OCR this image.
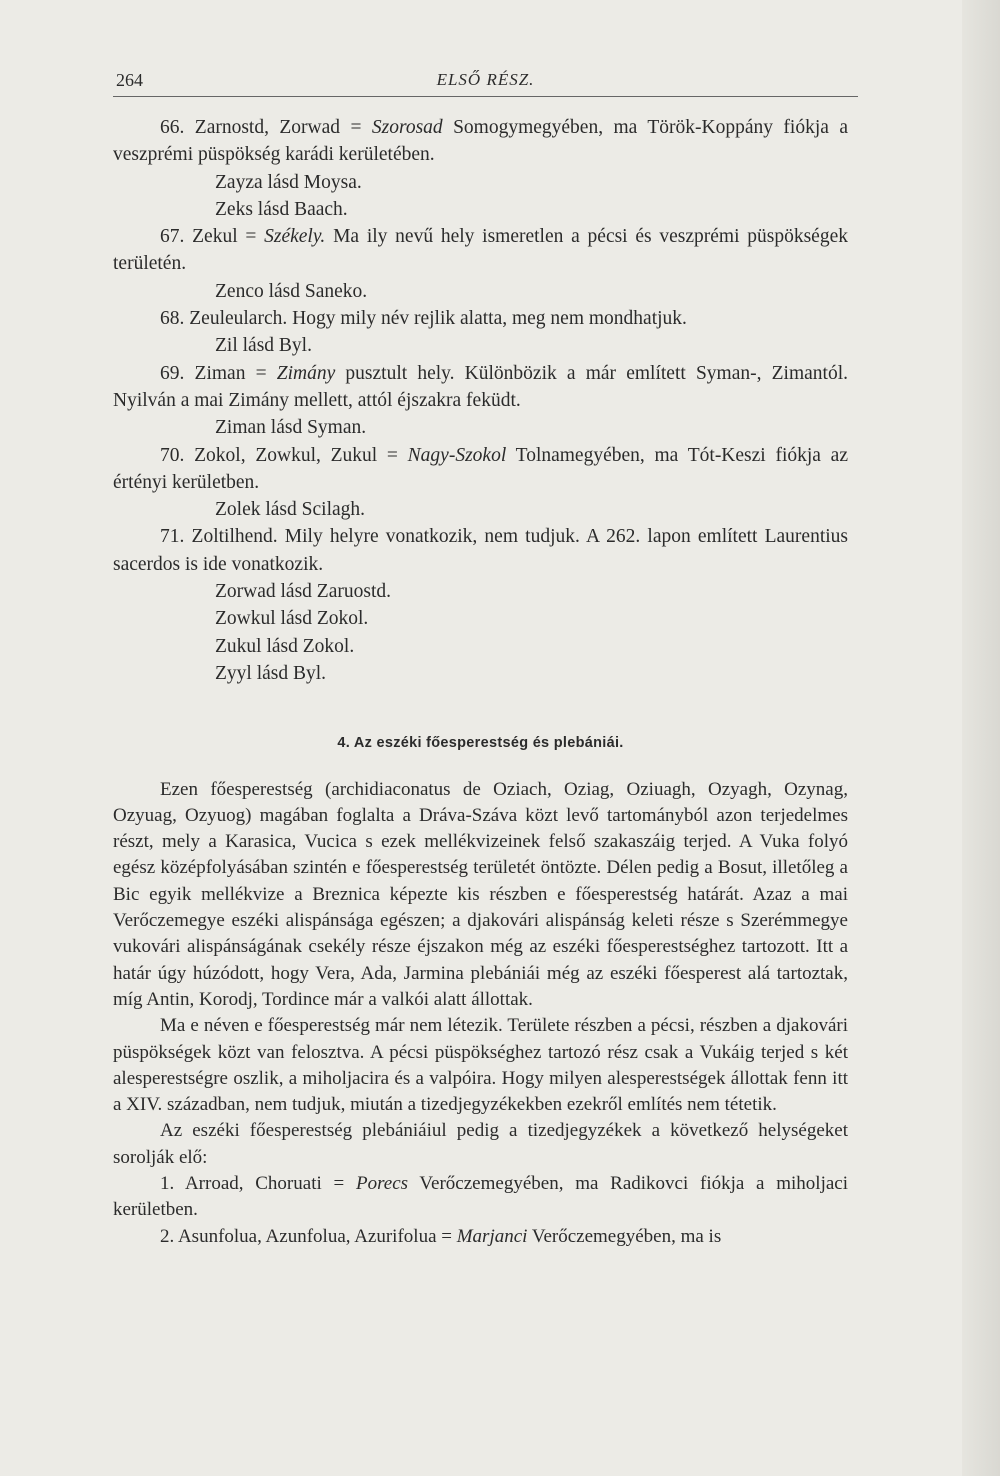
264	ELSŐ RÉSZ.

66. Zarnostd, Zorwad = Szorosad Somogymegyében, ma Török-Koppány fiókja a veszprémi püspökség karádi kerületében.

Zayza lásd Moysa.

Zeks lásd Baach.

67. Zekul = Székely. Ma ily nevű hely ismeretlen a pécsi és veszprémi püspökségek területén.

Zenco lásd Saneko.

68. Zeuleularch. Hogy mily név rejlik alatta, meg nem mondhatjuk.

Zil lásd Byl.

69. Ziman = Zimány pusztult hely. Különbözik a már említett Syman-, Zimantól. Nyilván a mai Zimány mellett, attól éjszakra feküdt.

Ziman lásd Syman.

70. Zokol, Zowkul, Zukul = Nagy-Szokol Tolnamegyében, ma Tót-Keszi fiókja az értényi kerületben.

Zolek lásd Scilagh.

71. Zoltilhend. Mily helyre vonatkozik, nem tudjuk. A 262. lapon említett Laurentius sacerdos is ide vonatkozik.

Zorwad lásd Zaruostd.

Zowkul lásd Zokol.

Zukul lásd Zokol.

Zyyl lásd Byl.

4. Az eszéki főesperestség és plebániái.

Ezen főesperestség (archidiaconatus de Oziach, Oziag, Oziuagh, Ozyagh, Ozynag, Ozyuag, Ozyuog) magában foglalta a Dráva-Száva közt levő tartományból azon terjedelmes részt, mely a Karasica, Vucica s ezek mellékvizeinek felső szakaszáig terjed. A Vuka folyó egész középfolyásában szintén e főesperestség területét öntözte. Délen pedig a Bosut, illetőleg a Bic egyik mellékvize a Breznica képezte kis részben e főesperestség határát. Azaz a mai Verőczemegye eszéki alispánsága egészen; a djakovári alispánság keleti része s Szerémmegye vukovári alispánságának csekély része éjszakon még az eszéki főesperestséghez tartozott. Itt a határ úgy húzódott, hogy Vera, Ada, Jarmina plebániái még az eszéki főesperest alá tartoztak, míg Antin, Korodj, Tordince már a valkói alatt állottak.

Ma e néven e főesperestség már nem létezik. Területe részben a pécsi, részben a djakovári püspökségek közt van felosztva. A pécsi püspökséghez tartozó rész csak a Vukáig terjed s két alesperestségre oszlik, a miholjacira és a valpóira. Hogy milyen alesperestségek állottak fenn itt a XIV. században, nem tudjuk, miután a tizedjegyzékekben ezekről említés nem tétetik.

Az eszéki főesperestség plebániáiul pedig a tizedjegyzékek a következő helységeket sorolják elő:

1. Arroad, Choruati = Porecs Verőczemegyében, ma Radikovci fiókja a miholjaci kerületben.

2. Asunfolua, Azunfolua, Azurifolua = Marjanci Verőczemegyében, ma is
